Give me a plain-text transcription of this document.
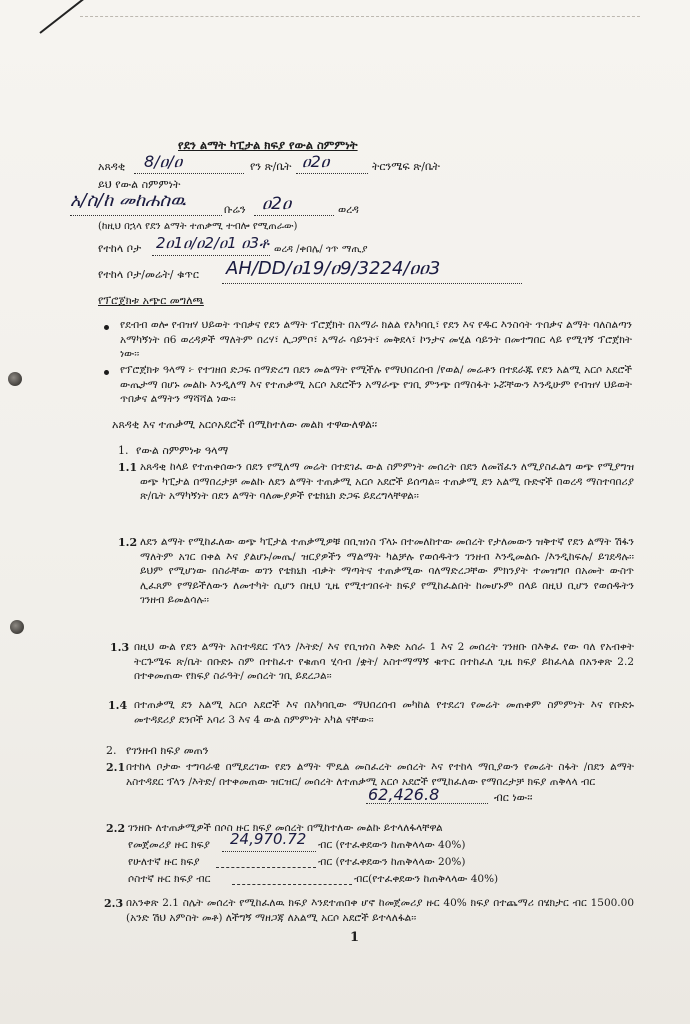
የደን ልማት ካፒታል ክፍያ የውል ስምምነት
አጸዳቂ 8/ዐ/ዐ	የን ጽ/ቤት ዐ2ዐ	ትርንሜፍ ጽ/ቤት
ይህ የውል ስምምነት
አ/ስ/ከ መከሐስዉ	ቡሬን ዐ2ዐ	ወረዳ
(ከዚህ በኋላ የደን ልማት ተጠቃሚ ተብሎ የሚጠራው)
የተከላ ቦታ 2ዐ1ዐ/ዐ2/ዐ1 ዐ3ቶ ወረዳ /ቀበሌ/ ጎጥ ማጢያ
የተከላ ቦታ/መሬት/ ቁጥር AH/DD/ዐ19/ዐ9/3224/ዐዐ3
የፕሮጀክቱ አጭር መግለጫ
የደብብ ወሎ የብዝሃ ህይወት ጥበቃና የደን ልማት ፕሮጀክት በአማራ ክልል የአካባቢ፣ የደን እና የዱር እንስሳት ጥበቃና ልማት ባለስልጣን አማካኝነት በ6 ወረዳዎች ማለትም በረሃ፣ ሊጋምቦ፣ አማራ ሳይንት፣ መቅደላ፣ ኮንታና መሂል ሳይንት በመተግበር ላይ የሚገኝ ፕሮጀክት ነው፡፡
የፕሮጀክቱ ዓላማ ፦ የተገዘበ ድጋፍ በማድረግ በደን መልማት የሚችሉ የማህበረሰብ /የወል/ መሬቶን በተደራጁ የደን አልሚ አርሶ አደሮች ውጤታማ በሆኑ መልኩ እንዲለማ እና የተጠቃሚ አርሶ አደሮችን አማራጭ የገቢ ምንጭ በማስፋት ኑሯቸውን እንዲሁም የብዝሃ ህይወት ጥበቃና ልማትን ማሻሻል ነው፡፡
አጸዳቂ እና ተጠቃሚ አርሶአደሮች በሚከተለው መልክ ተዋውለዋል፡፡
1. የውል ስምምነቱ ዓላማ
1.1 አጸዳቂ ከላይ የተጠቀሰውን በደን የሚለማ መሬት በተደገፈ ውል ስምምነት መሰረት በደን ለመሸፈን ለሚያስፈልግ ወጭ የሚያግዝ ወጭ ካፒታል በማበረታቻ መልኩ ለደን ልማት ተጠቃሚ አርሶ አደሮች ይሰጣል፡፡ ተጠቃሚ ደን አልሚ ቡድኖች በወረዳ ማስተባበሪያ ጽ/ቤት አማካኝነት በደን ልማት ባለሙያዎች የቴክኒክ ድጋፍ ይደረግላቸዋል፡፡
1.2 ለደን ልማት የሚከፈለው ወጭ ካፒታል ተጠቃሚዎቹ በቢዝነስ ፕላኑ በተመለከተው መሰረት የታለመውን ዝቅተኛ የደን ልማት ሽፋን ማለትም አገር በቀል እና ያልሆኑ/መጤ/ ዝርያዎችን ማልማት ካልቻሉ የወሰዱትን ገንዘብ እንዲመልሱ /እንዲከፍሉ/ ይገደዳሉ፡፡ ይህም የሚሆነው በስራቸው ወገን የቴክኒክ ብቃት ማጣትና ተጠቃሚው ባለማድረጋቸው ምክንያት ተመዝግቦ በአመት ውስጥ ሊፈጸም የማይችለውን ለመተካት ሲሆን በዚህ ጊዜ የሚተገበሩት ክፍያ የሚከፈልበት ከመሆኑም በላይ በዚህ ቢሆን የወሰዱትን ገንዘብ ይመልሳሉ፡፡
1.3 በዚህ ውል የደን ልማት አስተዳደር ፕላን /እትድ/ እና የቢዝነስ እቅድ አሰራ 1 እና 2 መሰረት ገንዘቡ በእቅፈ የው ባለ የአብቀት ትርጉሜፍ ጽ/ቤት በቡድኑ ስም በተከፈተ የቁጠባ ሂሳብ /ቋት/ አስተማማኝ ቁጥር በተከፈለ ጊዜ ክፍያ ይከፈላል በአንቀጽ 2.2 በተቀመጠው የክፍያ ስራዓት/ መሰረት ገቢ ይደረጋል፡፡
1.4 በተጠቃሚ ደን አልሚ አርሶ አደሮች እና በአካባቢው ማህበረሰብ መካከል የተደረገ የመሬት መጠቀም ስምምነት እና የቡድኑ መተዳደሪያ ደንቦች አባሪ 3 እና 4 ውል ስምምነት አካል ናቸው፡፡
2. የገንዘብ ክፍያ መጠን
2.1 በተከላ ቦታው ተግባራዊ በሚደረገው የደን ልማት ሞዴል መስፈረት መሰረት እና የተከላ ማቢያውን የመሬት ስፋት /በደን ልማት አስተዳደር ፕላን /እትድ/ በተቀመጠው ዝርዝር/ መሰረት ለተጠቃሚ አርሶ አደሮች የሚከፈለው የማበረታቻ ክፍያ ጠቅላላ ብር
62,426.8	ብር ነው፡፡
2.2 ገንዘቡ ለተጠቃሚዎች በሶስ ዙር ክፍያ መሰረት በሚከተለው መልኩ ይተላለፋላቸዋል
የመጀመሪያ ዙር ክፍያ 24,970.72 ብር (የተፈቀደውን ከጠቅላላው 40%)
የሁለተኛ ዙር ክፍያ	ብር (የተፈቀደውን ከጠቅላላው 20%)
ሶስተኛ ዙር ክፍያ ብር	ብር(የተፈቀደውን ከጠቅላላው 40%)
2.3 በአንቀጽ 2.1 ስሌት መሰረት የሚከፈለዉ ክፍያ እንደተጠበቀ ሆኖ ከመጀመሪያ ዙር 40% ክፍያ በተጨማሪ በሄክታር ብር 1500.00 (አንድ ሽህ አምስት መቶ) ለችግኝ ማዘጋጃ ለአልሚ አርሶ አደሮች ይተላለፋል፡፡
1
